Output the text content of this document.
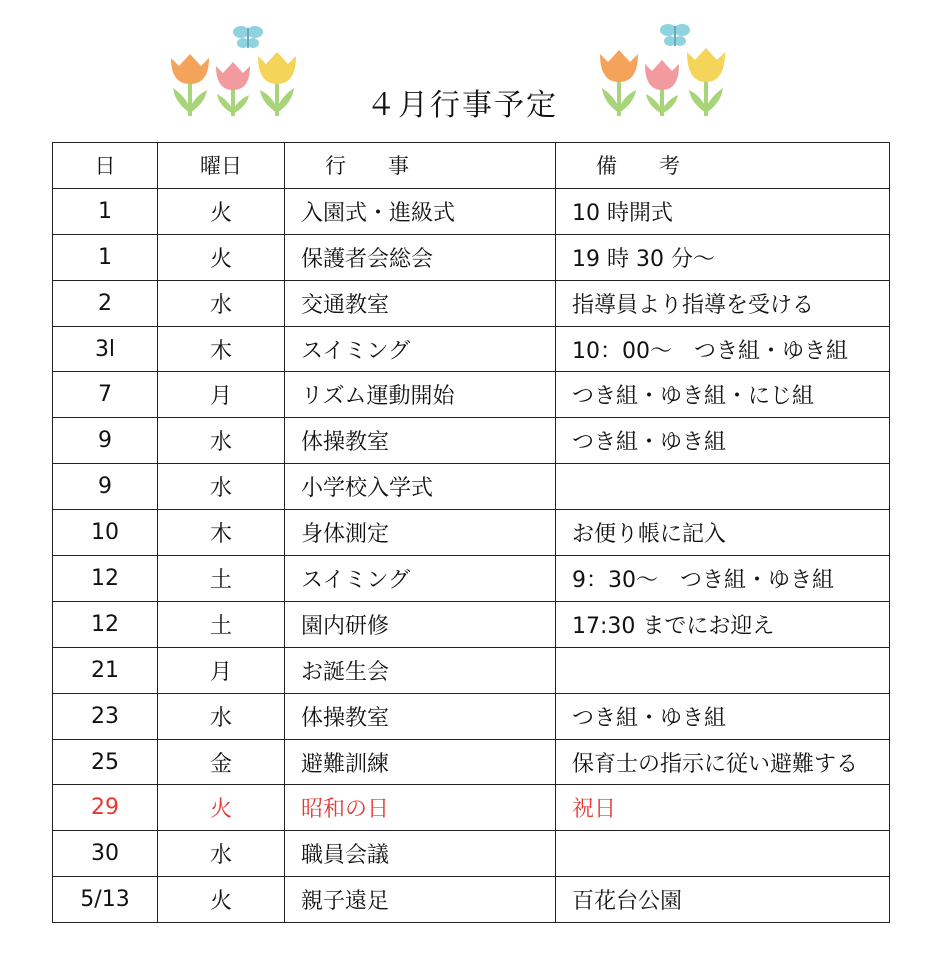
４月行事予定
日	曜日	行　　事	備　　考
1	火	入園式・進級式	10 時開式
1	火	保護者会総会	19 時 30 分〜
2	水	交通教室	指導員より指導を受ける
3l	木	スイミング	10：00〜　つき組・ゆき組
7	月	リズム運動開始	つき組・ゆき組・にじ組
9	水	体操教室	つき組・ゆき組
9	水	小学校入学式	
10	木	身体測定	お便り帳に記入
12	土	スイミング	9：30〜　つき組・ゆき組
12	土	園内研修	17:30 までにお迎え
21	月	お誕生会	
23	水	体操教室	つき組・ゆき組
25	金	避難訓練	保育士の指示に従い避難する
29	火	昭和の日	祝日
30	水	職員会議	
5/13	火	親子遠足	百花台公園
